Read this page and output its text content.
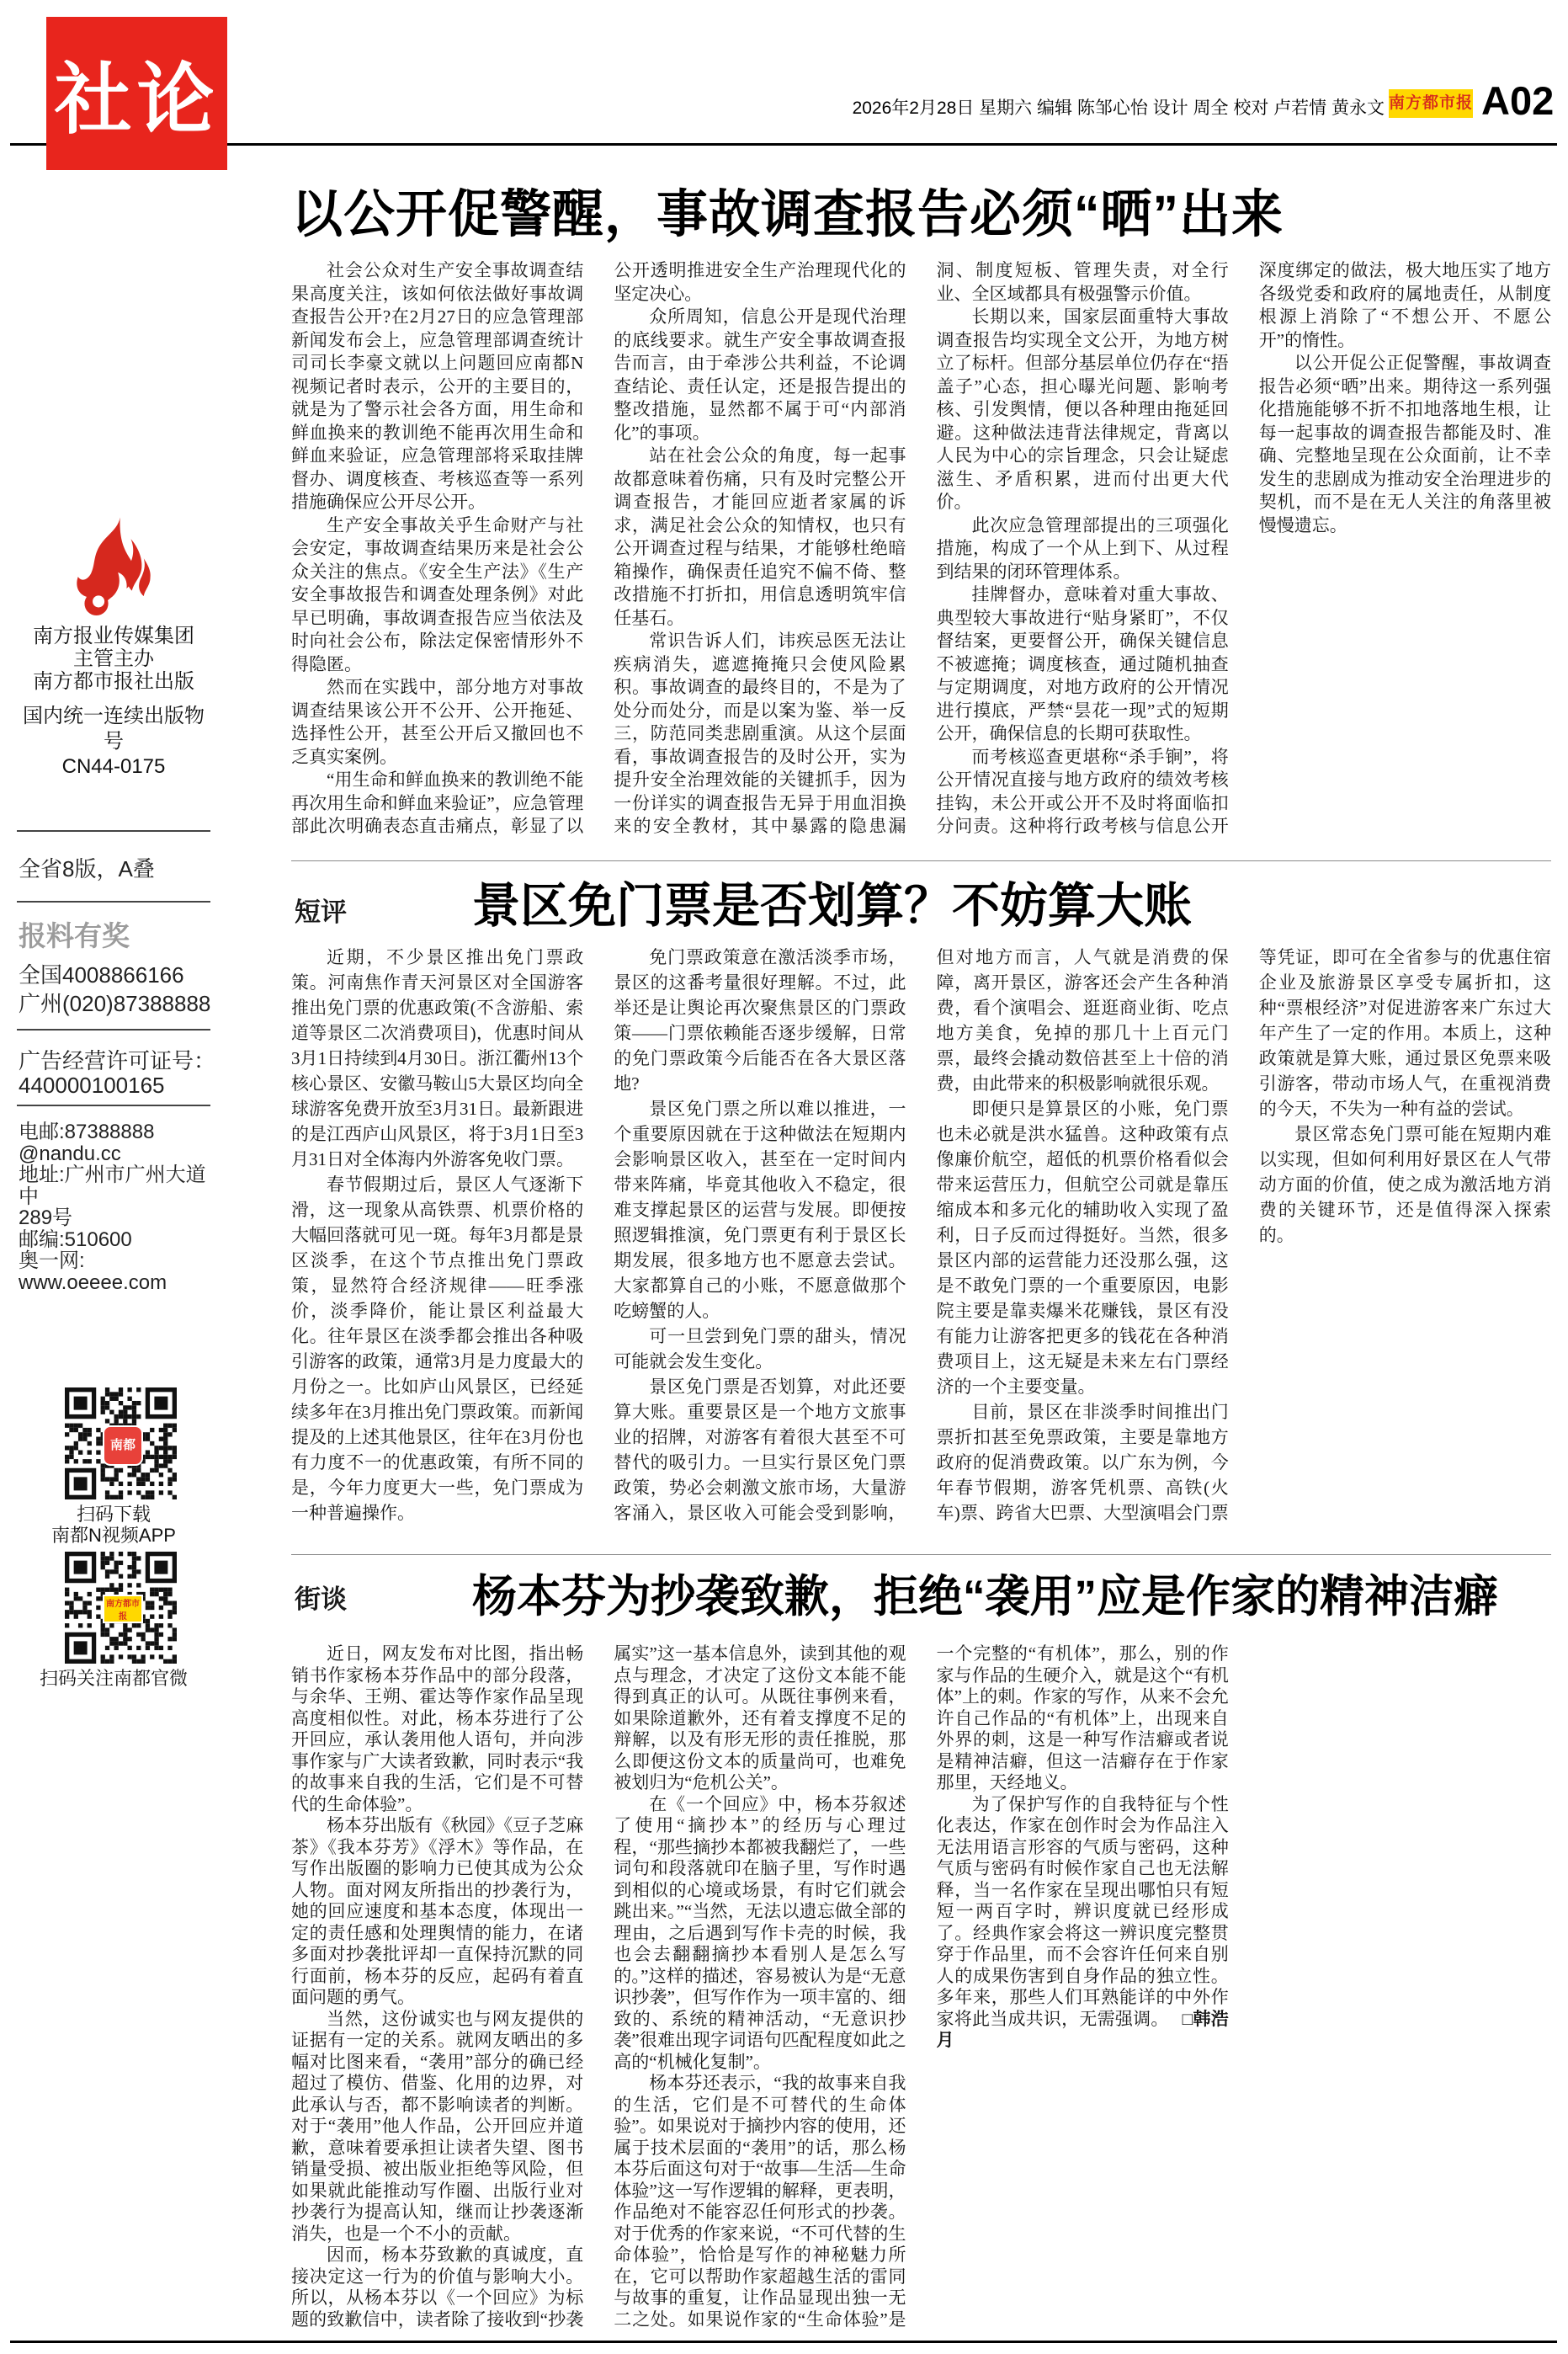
社论	2026年2月28日 星期六 编辑 陈邹心怡 设计 周全 校对 卢若情 黄永文 南方都市报 A02
南方报业传媒集团
主管主办
南方都市报社出版
国内统一连续出版物号
CN44-0175
全省8版，A叠
报料有奖
全国4008866166
广州(020)87388888
广告经营许可证号：
440000100165
电邮:87388888
@nandu.cc
地址:广州市广州大道中
289号
邮编:510600
奥一网:
www.oeeee.com
南都
扫码下载
南都N视频APP
南方都市报
扫码关注南都官微
以公开促警醒，事故调查报告必须“晒”出来

社会公众对生产安全事故调查结果高度关注，该如何依法做好事故调查报告公开?在2月27日的应急管理部新闻发布会上，应急管理部调查统计司司长李豪文就以上问题回应南都N视频记者时表示，公开的主要目的，就是为了警示社会各方面，用生命和鲜血换来的教训绝不能再次用生命和鲜血来验证，应急管理部将采取挂牌督办、调度核查、考核巡查等一系列措施确保应公开尽公开。

生产安全事故关乎生命财产与社会安定，事故调查结果历来是社会公众关注的焦点。《安全生产法》《生产安全事故报告和调查处理条例》对此早已明确，事故调查报告应当依法及时向社会公布，除法定保密情形外不得隐匿。

然而在实践中，部分地方对事故调查结果该公开不公开、公开拖延、选择性公开，甚至公开后又撤回也不乏真实案例。

“用生命和鲜血换来的教训绝不能再次用生命和鲜血来验证”，应急管理部此次明确表态直击痛点，彰显了以公开透明推进安全生产治理现代化的坚定决心。

众所周知，信息公开是现代治理的底线要求。就生产安全事故调查报告而言，由于牵涉公共利益，不论调查结论、责任认定，还是报告提出的整改措施，显然都不属于可“内部消化”的事项。

站在社会公众的角度，每一起事故都意味着伤痛，只有及时完整公开调查报告，才能回应逝者家属的诉求，满足社会公众的知情权，也只有公开调查过程与结果，才能够杜绝暗箱操作，确保责任追究不偏不倚、整改措施不打折扣，用信息透明筑牢信任基石。

常识告诉人们，讳疾忌医无法让疾病消失，遮遮掩掩只会使风险累积。事故调查的最终目的，不是为了处分而处分，而是以案为鉴、举一反三，防范同类悲剧重演。从这个层面看，事故调查报告的及时公开，实为提升安全治理效能的关键抓手，因为一份详实的调查报告无异于用血泪换来的安全教材，其中暴露的隐患漏洞、制度短板、管理失责，对全行业、全区域都具有极强警示价值。

长期以来，国家层面重特大事故调查报告均实现全文公开，为地方树立了标杆。但部分基层单位仍存在“捂盖子”心态，担心曝光问题、影响考核、引发舆情，便以各种理由拖延回避。这种做法违背法律规定，背离以人民为中心的宗旨理念，只会让疑虑滋生、矛盾积累，进而付出更大代价。

此次应急管理部提出的三项强化措施，构成了一个从上到下、从过程到结果的闭环管理体系。

挂牌督办，意味着对重大事故、典型较大事故进行“贴身紧盯”，不仅督结案，更要督公开，确保关键信息不被遮掩；调度核查，通过随机抽查与定期调度，对地方政府的公开情况进行摸底，严禁“昙花一现”式的短期公开，确保信息的长期可获取性。

而考核巡查更堪称“杀手锏”，将公开情况直接与地方政府的绩效考核挂钩，未公开或公开不及时将面临扣分问责。这种将行政考核与信息公开深度绑定的做法，极大地压实了地方各级党委和政府的属地责任，从制度根源上消除了“不想公开、不愿公开”的惰性。

以公开促公正促警醒，事故调查报告必须“晒”出来。期待这一系列强化措施能够不折不扣地落地生根，让每一起事故的调查报告都能及时、准确、完整地呈现在公众面前，让不幸发生的悲剧成为推动安全治理进步的契机，而不是在无人关注的角落里被慢慢遗忘。

短评	景区免门票是否划算？不妨算大账

近期，不少景区推出免门票政策。河南焦作青天河景区对全国游客推出免门票的优惠政策(不含游船、索道等景区二次消费项目)，优惠时间从3月1日持续到4月30日。浙江衢州13个核心景区、安徽马鞍山5大景区均向全球游客免费开放至3月31日。最新跟进的是江西庐山风景区，将于3月1日至3月31日对全体海内外游客免收门票。

春节假期过后，景区人气逐渐下滑，这一现象从高铁票、机票价格的大幅回落就可见一斑。每年3月都是景区淡季，在这个节点推出免门票政策，显然符合经济规律——旺季涨价，淡季降价，能让景区利益最大化。往年景区在淡季都会推出各种吸引游客的政策，通常3月是力度最大的月份之一。比如庐山风景区，已经延续多年在3月推出免门票政策。而新闻提及的上述其他景区，往年在3月份也有力度不一的优惠政策，有所不同的是，今年力度更大一些，免门票成为一种普遍操作。

免门票政策意在激活淡季市场，景区的这番考量很好理解。不过，此举还是让舆论再次聚焦景区的门票政策——门票依赖能否逐步缓解，日常的免门票政策今后能否在各大景区落地?

景区免门票之所以难以推进，一个重要原因就在于这种做法在短期内会影响景区收入，甚至在一定时间内带来阵痛，毕竟其他收入不稳定，很难支撑起景区的运营与发展。即便按照逻辑推演，免门票更有利于景区长期发展，很多地方也不愿意去尝试。大家都算自己的小账，不愿意做那个吃螃蟹的人。

可一旦尝到免门票的甜头，情况可能就会发生变化。

景区免门票是否划算，对此还要算大账。重要景区是一个地方文旅事业的招牌，对游客有着很大甚至不可替代的吸引力。一旦实行景区免门票政策，势必会刺激文旅市场，大量游客涌入，景区收入可能会受到影响，但对地方而言，人气就是消费的保障，离开景区，游客还会产生各种消费，看个演唱会、逛逛商业街、吃点地方美食，免掉的那几十上百元门票，最终会撬动数倍甚至上十倍的消费，由此带来的积极影响就很乐观。

即便只是算景区的小账，免门票也未必就是洪水猛兽。这种政策有点像廉价航空，超低的机票价格看似会带来运营压力，但航空公司就是靠压缩成本和多元化的辅助收入实现了盈利，日子反而过得挺好。当然，很多景区内部的运营能力还没那么强，这是不敢免门票的一个重要原因，电影院主要是靠卖爆米花赚钱，景区有没有能力让游客把更多的钱花在各种消费项目上，这无疑是未来左右门票经济的一个主要变量。

目前，景区在非淡季时间推出门票折扣甚至免票政策，主要是靠地方政府的促消费政策。以广东为例，今年春节假期，游客凭机票、高铁(火车)票、跨省大巴票、大型演唱会门票等凭证，即可在全省参与的优惠住宿企业及旅游景区享受专属折扣，这种“票根经济”对促进游客来广东过大年产生了一定的作用。本质上，这种政策就是算大账，通过景区免票来吸引游客，带动市场人气，在重视消费的今天，不失为一种有益的尝试。

景区常态免门票可能在短期内难以实现，但如何利用好景区在人气带动方面的价值，使之成为激活地方消费的关键环节，还是值得深入探索的。

街谈	杨本芬为抄袭致歉，拒绝“袭用”应是作家的精神洁癖

近日，网友发布对比图，指出畅销书作家杨本芬作品中的部分段落，与余华、王朔、霍达等作家作品呈现高度相似性。对此，杨本芬进行了公开回应，承认袭用他人语句，并向涉事作家与广大读者致歉，同时表示“我的故事来自我的生活，它们是不可替代的生命体验”。

杨本芬出版有《秋园》《豆子芝麻茶》《我本芬芳》《浮木》等作品，在写作出版圈的影响力已使其成为公众人物。面对网友所指出的抄袭行为，她的回应速度和基本态度，体现出一定的责任感和处理舆情的能力，在诸多面对抄袭批评却一直保持沉默的同行面前，杨本芬的反应，起码有着直面问题的勇气。

当然，这份诚实也与网友提供的证据有一定的关系。就网友晒出的多幅对比图来看，“袭用”部分的确已经超过了模仿、借鉴、化用的边界，对此承认与否，都不影响读者的判断。对于“袭用”他人作品，公开回应并道歉，意味着要承担让读者失望、图书销量受损、被出版业拒绝等风险，但如果就此能推动写作圈、出版行业对抄袭行为提高认知，继而让抄袭逐渐消失，也是一个不小的贡献。

因而，杨本芬致歉的真诚度，直接决定这一行为的价值与影响大小。所以，从杨本芬以《一个回应》为标题的致歉信中，读者除了接收到“抄袭属实”这一基本信息外，读到其他的观点与理念，才决定了这份文本能不能得到真正的认可。从既往事例来看，如果除道歉外，还有着支撑度不足的辩解，以及有形无形的责任推脱，那么即便这份文本的质量尚可，也难免被划归为“危机公关”。

在《一个回应》中，杨本芬叙述了使用“摘抄本”的经历与心理过程，“那些摘抄本都被我翻烂了，一些词句和段落就印在脑子里，写作时遇到相似的心境或场景，有时它们就会跳出来。”“当然，无法以遗忘做全部的理由，之后遇到写作卡壳的时候，我也会去翻翻摘抄本看别人是怎么写的。”这样的描述，容易被认为是“无意识抄袭”，但写作作为一项丰富的、细致的、系统的精神活动，“无意识抄袭”很难出现字词语句匹配程度如此之高的“机械化复制”。

杨本芬还表示，“我的故事来自我的生活，它们是不可替代的生命体验”。如果说对于摘抄内容的使用，还属于技术层面的“袭用”的话，那么杨本芬后面这句对于“故事—生活—生命体验”这一写作逻辑的解释，更表明，作品绝对不能容忍任何形式的抄袭。对于优秀的作家来说，“不可代替的生命体验”，恰恰是写作的神秘魅力所在，它可以帮助作家超越生活的雷同与故事的重复，让作品显现出独一无二之处。如果说作家的“生命体验”是一个完整的“有机体”，那么，别的作家与作品的生硬介入，就是这个“有机体”上的刺。作家的写作，从来不会允许自己作品的“有机体”上，出现来自外界的刺，这是一种写作洁癖或者说是精神洁癖，但这一洁癖存在于作家那里，天经地义。

为了保护写作的自我特征与个性化表达，作家在创作时会为作品注入无法用语言形容的气质与密码，这种气质与密码有时候作家自己也无法解释，当一名作家在呈现出哪怕只有短短一两百字时，辨识度就已经形成了。经典作家会将这一辨识度完整贯穿于作品里，而不会容许任何来自别人的成果伤害到自身作品的独立性。多年来，那些人们耳熟能详的中外作家将此当成共识，无需强调。 □韩浩月
